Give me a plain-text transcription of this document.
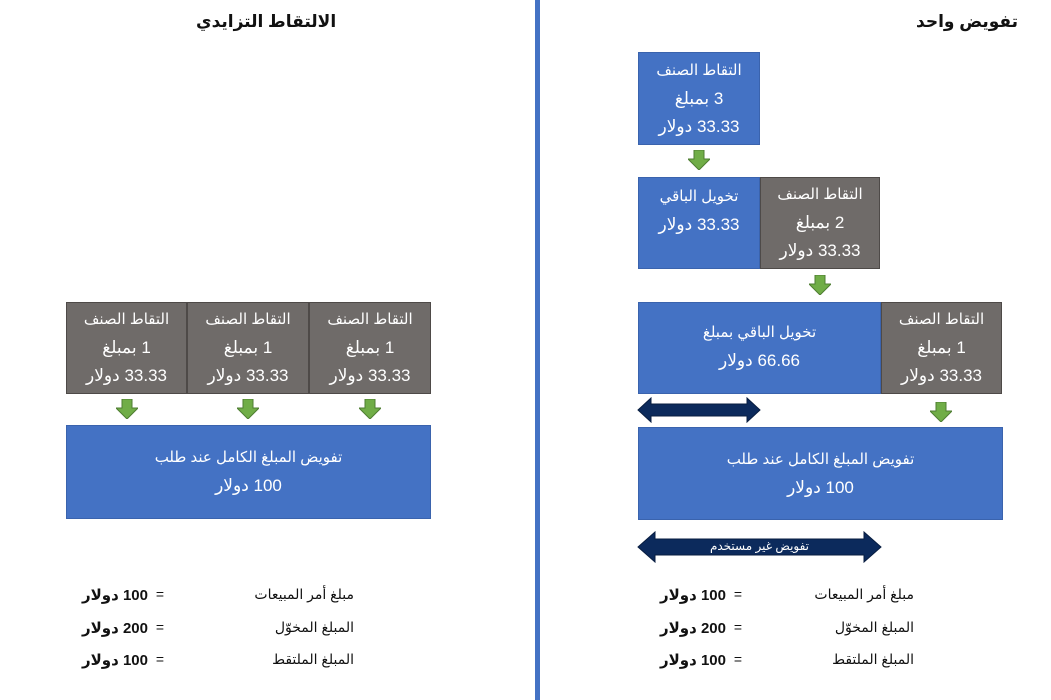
الالتقاط التزايدي	تفويض واحد
التقاط الصنف
1 بمبلغ
33.33 دولار
التقاط الصنف
1 بمبلغ
33.33 دولار
التقاط الصنف
1 بمبلغ
33.33 دولار
تفويض المبلغ الكامل عند طلب
100 دولار
التقاط الصنف
3 بمبلغ
33.33 دولار
تخويل الباقي
33.33 دولار
التقاط الصنف
2 بمبلغ
33.33 دولار
تخويل الباقي بمبلغ
66.66 دولار
التقاط الصنف
1 بمبلغ
33.33 دولار
تفويض المبلغ الكامل عند طلب
100 دولار
تفويض غير مستخدم
مبلغ أمر المبيعات
=
100 دولار
المبلغ المخوّل
=
200 دولار
المبلغ الملتقط
=
100 دولار
مبلغ أمر المبيعات
=
100 دولار
المبلغ المخوّل
=
200 دولار
المبلغ الملتقط
=
100 دولار
